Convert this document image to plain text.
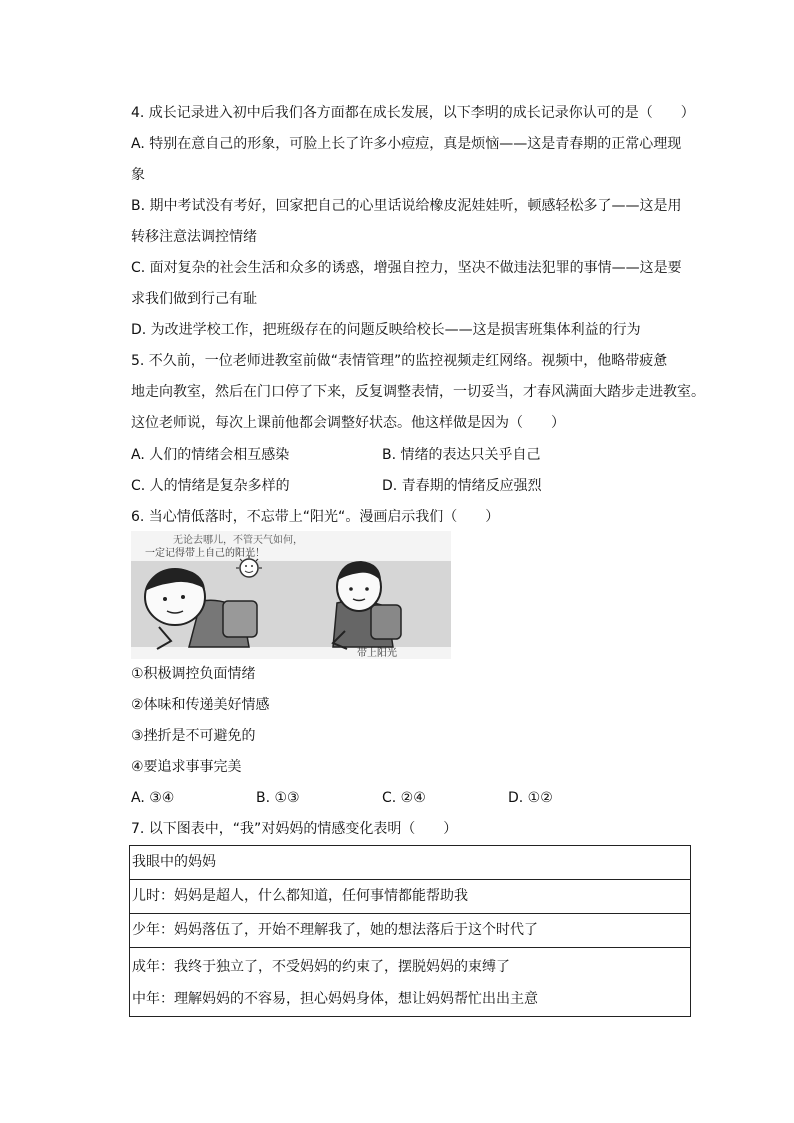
4. 成长记录进入初中后我们各方面都在成长发展，以下李明的成长记录你认可的是（　　）
A. 特别在意自己的形象，可脸上长了许多小痘痘，真是烦恼——这是青春期的正常心理现
象
B. 期中考试没有考好，回家把自己的心里话说给橡皮泥娃娃听，顿感轻松多了——这是用
转移注意法调控情绪
C. 面对复杂的社会生活和众多的诱惑，增强自控力，坚决不做违法犯罪的事情——这是要
求我们做到行己有耻
D. 为改进学校工作，把班级存在的问题反映给校长——这是损害班集体利益的行为
5. 不久前，一位老师进教室前做“表情管理”的监控视频走红网络。视频中，他略带疲惫
地走向教室，然后在门口停了下来，反复调整表情，一切妥当，才春风满面大踏步走进教室。
这位老师说，每次上课前他都会调整好状态。他这样做是因为（　　）
A. 人们的情绪会相互感染	B. 情绪的表达只关乎自己
C. 人的情绪是复杂多样的	D. 青春期的情绪反应强烈
6. 当心情低落时，不忘带上“阳光“。漫画启示我们（　　）
无论去哪儿，不管天气如何，
一定记得带上自己的阳光！
带上阳光
①积极调控负面情绪
②体味和传递美好情感
③挫折是不可避免的
④要追求事事完美
A. ③④	B. ①③	C. ②④	D. ①②
7. 以下图表中，“我”对妈妈的情感变化表明（　　）
我眼中的妈妈
儿时：妈妈是超人，什么都知道，任何事情都能帮助我
少年：妈妈落伍了，开始不理解我了，她的想法落后于这个时代了

成年：我终于独立了，不受妈妈的约束了，摆脱妈妈的束缚了
中年：理解妈妈的不容易，担心妈妈身体，想让妈妈帮忙出出主意
